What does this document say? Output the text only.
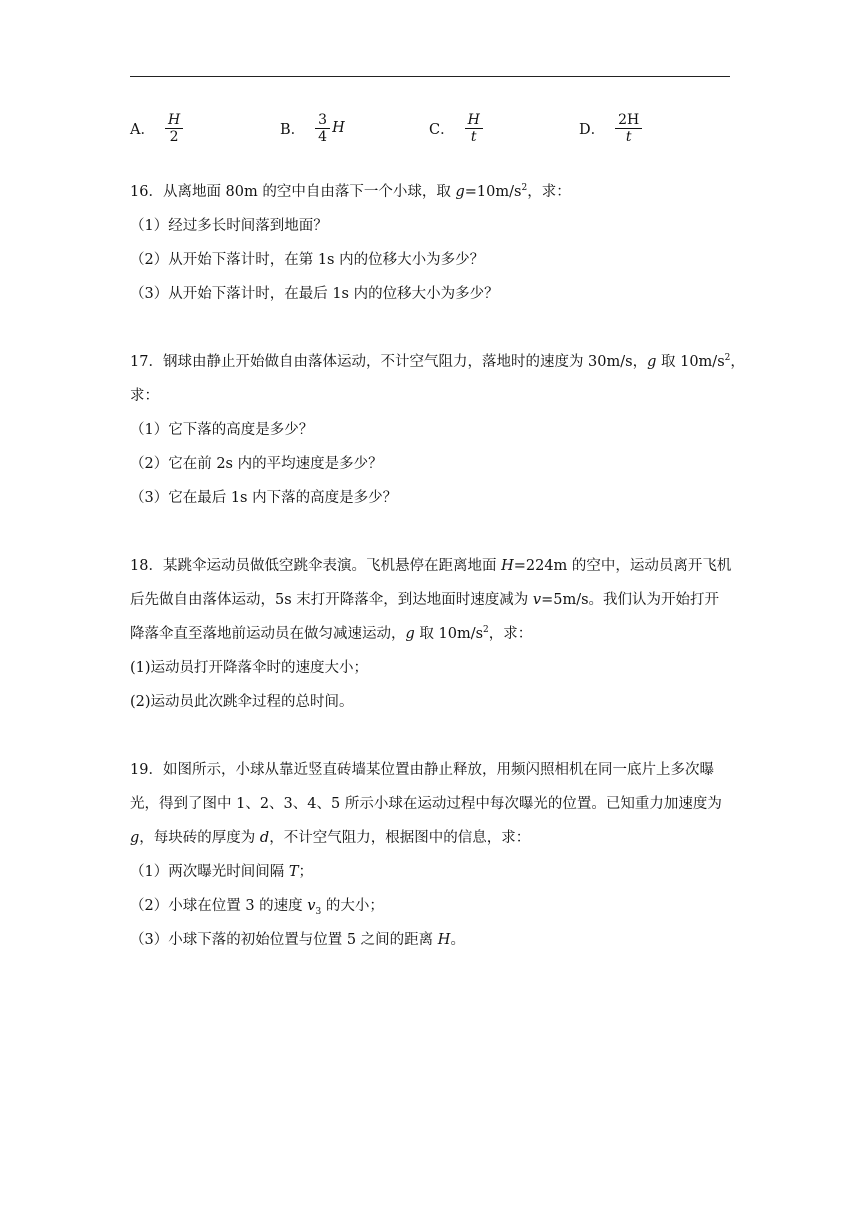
A． $\frac{H}{2}$	B． $\frac{3}{4}$ H	C． $\frac{H}{t}$	D． $\frac{2H}{t}$
16．从离地面 80m 的空中自由落下一个小球，取 $g=10m/s^2$，求：
（1）经过多长时间落到地面？
（2）从开始下落计时，在第 1s 内的位移大小为多少？
（3）从开始下落计时，在最后 1s 内的位移大小为多少？
17．钢球由静止开始做自由落体运动，不计空气阻力，落地时的速度为 30m/s，g 取 $10m/s^2$，
求：
（1）它下落的高度是多少？
（2）它在前 2s 内的平均速度是多少？
（3）它在最后 1s 内下落的高度是多少？
18．某跳伞运动员做低空跳伞表演。飞机悬停在距离地面 H=224m 的空中，运动员离开飞机
后先做自由落体运动，5s 末打开降落伞，到达地面时速度减为 v=5m/s。我们认为开始打开
降落伞直至落地前运动员在做匀减速运动，g 取 $10m/s^2$，求：
(1)运动员打开降落伞时的速度大小；
(2)运动员此次跳伞过程的总时间。
19．如图所示，小球从靠近竖直砖墙某位置由静止释放，用频闪照相机在同一底片上多次曝
光，得到了图中 1、2、3、4、5 所示小球在运动过程中每次曝光的位置。已知重力加速度为
g，每块砖的厚度为 d，不计空气阻力，根据图中的信息，求：
（1）两次曝光时间间隔 T；
（2）小球在位置 3 的速度 $v_3$ 的大小；
（3）小球下落的初始位置与位置 5 之间的距离 H。
